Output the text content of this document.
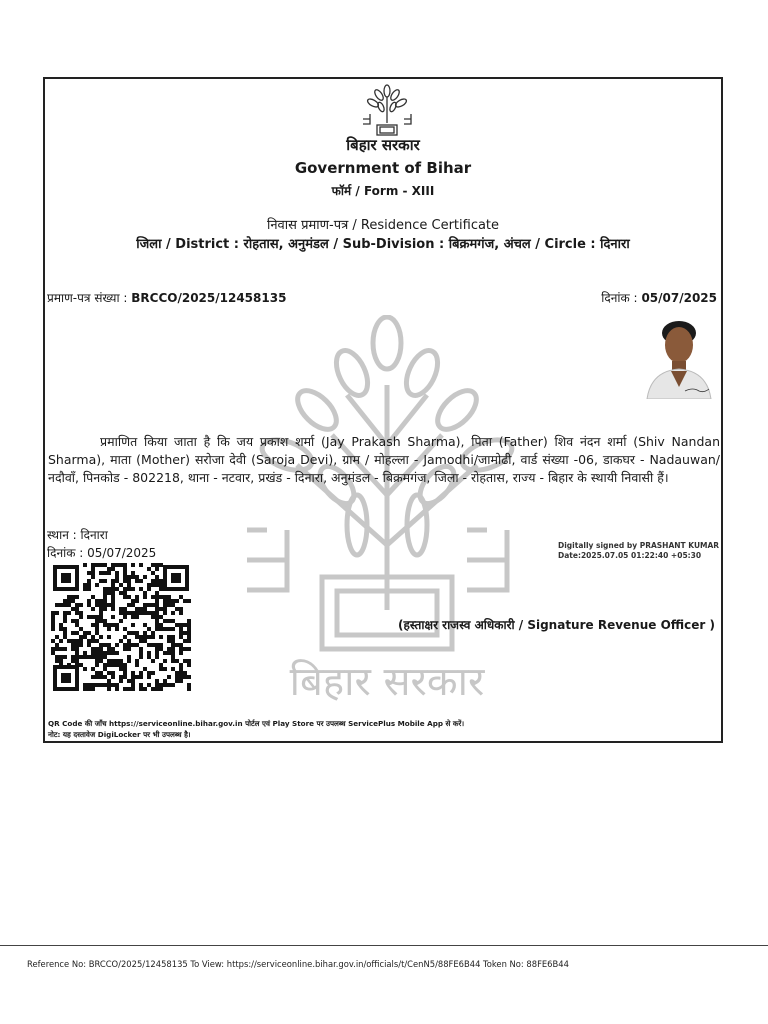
बिहार सरकार
बिहार सरकार
Government of Bihar
फॉर्म / Form - XIII
निवास प्रमाण-पत्र / Residence Certificate
जिला / District : रोहतास, अनुमंडल / Sub-Division : बिक्रमगंज, अंचल / Circle : दिनारा
प्रमाण-पत्र संख्या : BRCCO/2025/12458135	दिनांक : 05/07/2025
प्रमाणित किया जाता है कि जय प्रकाश शर्मा (Jay Prakash Sharma), पिता (Father) शिव नंदन शर्मा (Shiv Nandan Sharma), माता (Mother) सरोजा देवी (Saroja Devi), ग्राम / मोहल्ला - Jamodhi/जामोढी, वार्ड संख्या -06, डाकघर - Nadauwan/नदौवाँ, पिनकोड - 802218, थाना - नटवार, प्रखंड - दिनारा, अनुमंडल - बिक्रमगंज, जिला - रोहतास, राज्य - बिहार के स्थायी निवासी हैं।
स्थान : दिनारा
दिनांक : 05/07/2025
Digitally signed by PRASHANT KUMAR
Date:2025.07.05 01:22:40 +05:30
(हस्ताक्षर राजस्व अधिकारी / Signature Revenue Officer )
QR Code की जाँच https://serviceonline.bihar.gov.in पोर्टल एवं Play Store पर उपलब्ध ServicePlus Mobile App से करें।
नोट: यह दस्तावेज DigiLocker पर भी उपलब्ध है।
Reference No: BRCCO/2025/12458135 To View: https://serviceonline.bihar.gov.in/officials/t/CenN5/88FE6B44 Token No: 88FE6B44
